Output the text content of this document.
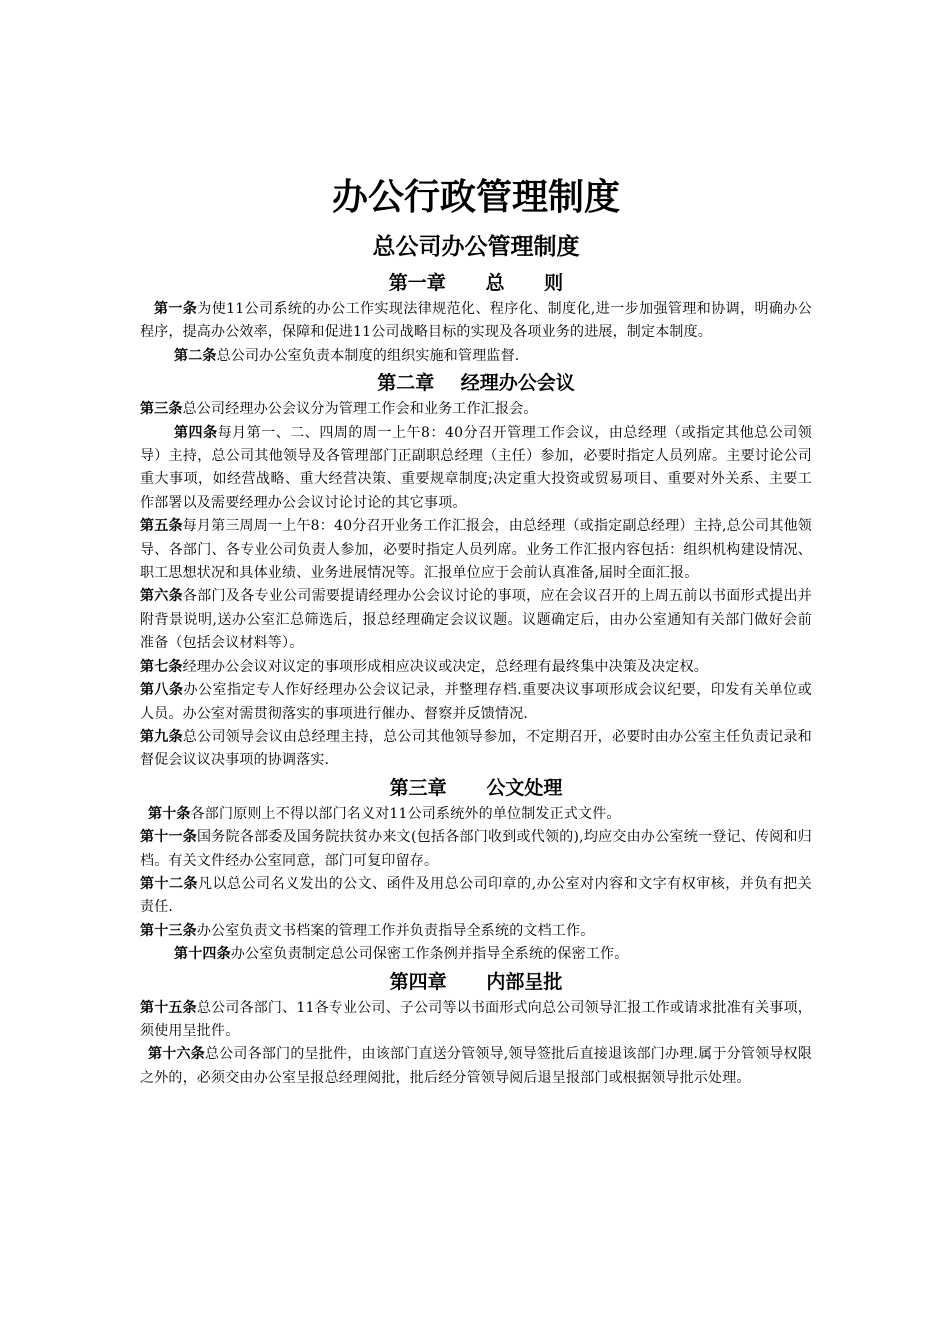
办公行政管理制度
总公司办公管理制度
第一章      总      则

第一条为使11公司系统的办公工作实现法律规范化、程序化、制度化,进一步加强管理和协调，明确办公程序，提高办公效率，保障和促进11公司战略目标的实现及各项业务的进展，制定本制度。

第二条总公司办公室负责本制度的组织实施和管理监督.

第二章    经理办公会议

第三条总公司经理办公会议分为管理工作会和业务工作汇报会。

第四条每月第一、二、四周的周一上午8：40分召开管理工作会议，由总经理（或指定其他总公司领导）主持，总公司其他领导及各管理部门正副职总经理（主任）参加，必要时指定人员列席。主要讨论公司重大事项，如经营战略、重大经营决策、重要规章制度;决定重大投资或贸易项目、重要对外关系、主要工作部署以及需要经理办公会议讨论讨论的其它事项。

第五条每月第三周周一上午8：40分召开业务工作汇报会，由总经理（或指定副总经理）主持,总公司其他领导、各部门、各专业公司负责人参加，必要时指定人员列席。业务工作汇报内容包括：组织机构建设情况、职工思想状况和具体业绩、业务进展情况等。汇报单位应于会前认真准备,届时全面汇报。

第六条各部门及各专业公司需要提请经理办公会议讨论的事项，应在会议召开的上周五前以书面形式提出并附背景说明,送办公室汇总筛选后，报总经理确定会议议题。议题确定后，由办公室通知有关部门做好会前准备（包括会议材料等）。

第七条经理办公会议对议定的事项形成相应决议或决定，总经理有最终集中决策及决定权。

第八条办公室指定专人作好经理办公会议记录，并整理存档.重要决议事项形成会议纪要，印发有关单位或人员。办公室对需贯彻落实的事项进行催办、督察并反馈情况.

第九条总公司领导会议由总经理主持，总公司其他领导参加，不定期召开，必要时由办公室主任负责记录和督促会议议决事项的协调落实.

第三章      公文处理

第十条各部门原则上不得以部门名义对11公司系统外的单位制发正式文件。

第十一条国务院各部委及国务院扶贫办来文(包括各部门收到或代领的),均应交由办公室统一登记、传阅和归档。有关文件经办公室同意，部门可复印留存。

第十二条凡以总公司名义发出的公文、函件及用总公司印章的,办公室对内容和文字有权审核，并负有把关责任.

第十三条办公室负责文书档案的管理工作并负责指导全系统的文档工作。

第十四条办公室负责制定总公司保密工作条例并指导全系统的保密工作。

第四章      内部呈批

第十五条总公司各部门、11各专业公司、子公司等以书面形式向总公司领导汇报工作或请求批准有关事项，须使用呈批件。

第十六条总公司各部门的呈批件，由该部门直送分管领导,领导签批后直接退该部门办理.属于分管领导权限之外的，必须交由办公室呈报总经理阅批，批后经分管领导阅后退呈报部门或根据领导批示处理。
